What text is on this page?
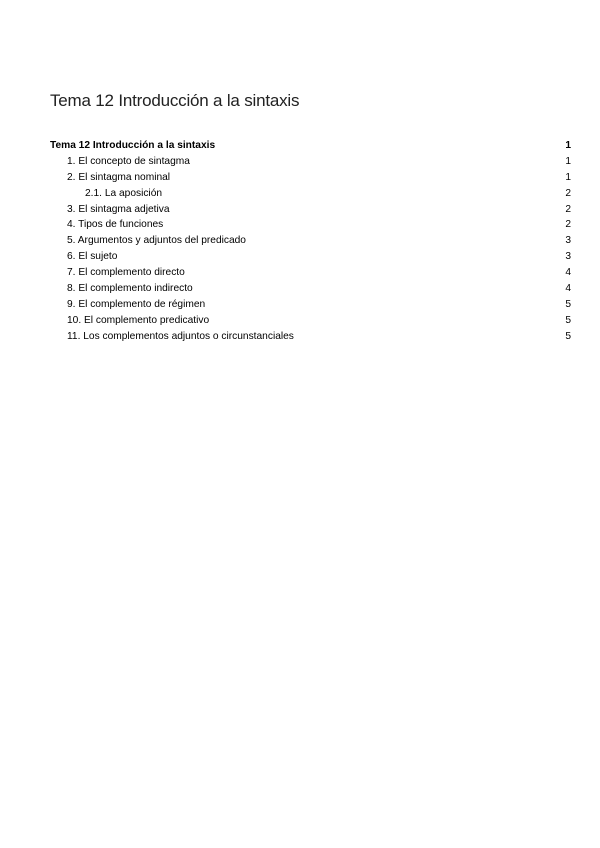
Tema 12 Introducción a la sintaxis
Tema 12 Introducción a la sintaxis	1
1. El concepto de sintagma	1
2. El sintagma nominal	1
2.1. La aposición	2
3. El sintagma adjetiva	2
4. Tipos de funciones	2
5. Argumentos y adjuntos del predicado	3
6. El sujeto	3
7. El complemento directo	4
8. El complemento indirecto	4
9. El complemento de régimen	5
10. El complemento predicativo	5
11. Los complementos adjuntos o circunstanciales	5
